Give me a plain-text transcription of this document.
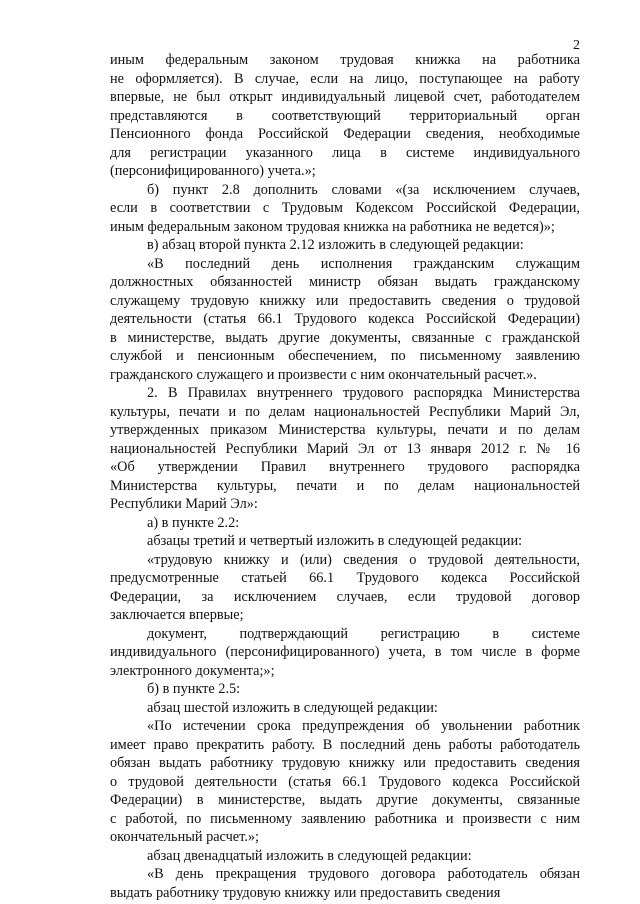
2

иным федеральным законом трудовая книжка на работника
не оформляется). В случае, если на лицо, поступающее на работу
впервые, не был открыт индивидуальный лицевой счет, работодателем
представляются в соответствующий территориальный орган
Пенсионного фонда Российской Федерации сведения, необходимые
для регистрации указанного лица в системе индивидуального
(персонифицированного) учета.»;

б) пункт 2.8 дополнить словами «(за исключением случаев,
если в соответствии с Трудовым Кодексом Российской Федерации,
иным федеральным законом трудовая книжка на работника не ведется)»;

в) абзац второй пункта 2.12 изложить в следующей редакции:

«В последний день исполнения гражданским служащим
должностных обязанностей министр обязан выдать гражданскому
служащему трудовую книжку или предоставить сведения о трудовой
деятельности (статья 66.1 Трудового кодекса Российской Федерации)
в министерстве, выдать другие документы, связанные с гражданской
службой и пенсионным обеспечением, по письменному заявлению
гражданского служащего и произвести с ним окончательный расчет.».

2. В Правилах внутреннего трудового распорядка Министерства
культуры, печати и по делам национальностей Республики Марий Эл,
утвержденных приказом Министерства культуры, печати и по делам
национальностей Республики Марий Эл от 13 января 2012 г. № 16
«Об утверждении Правил внутреннего трудового распорядка
Министерства культуры, печати и по делам национальностей
Республики Марий Эл»:

а) в пункте 2.2:

абзацы третий и четвертый изложить в следующей редакции:

«трудовую книжку и (или) сведения о трудовой деятельности,
предусмотренные статьей 66.1 Трудового кодекса Российской
Федерации, за исключением случаев, если трудовой договор
заключается впервые;

документ, подтверждающий регистрацию в системе
индивидуального (персонифицированного) учета, в том числе в форме
электронного документа;»;

б) в пункте 2.5:

абзац шестой изложить в следующей редакции:

«По истечении срока предупреждения об увольнении работник
имеет право прекратить работу. В последний день работы работодатель
обязан выдать работнику трудовую книжку или предоставить сведения
о трудовой деятельности (статья 66.1 Трудового кодекса Российской
Федерации) в министерстве, выдать другие документы, связанные
с работой, по письменному заявлению работника и произвести с ним
окончательный расчет.»;

абзац двенадцатый изложить в следующей редакции:

«В день прекращения трудового договора работодатель обязан
выдать работнику трудовую книжку или предоставить сведения
